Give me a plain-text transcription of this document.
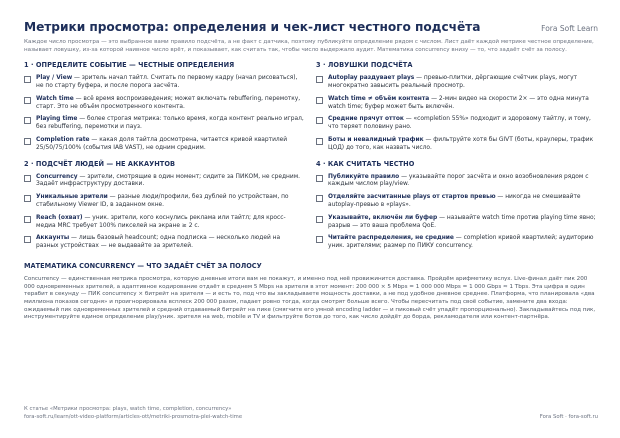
Метрики просмотра: определения и чек-лист честного подсчёта	Fora Soft Learn

Каждое число просмотра — это выбранное вами правило подсчёта, а не факт с датчика, поэтому публикуйте определение рядом с числом. Лист даёт каждой метрике честное определение, называет ловушку, из-за которой наивное число врёт, и показывает, как считать так, чтобы число выдержало аудит. Математика concurrency внизу — то, что задаёт счёт за полосу.

1 · ОПРЕДЕЛИТЕ СОБЫТИЕ — ЧЕСТНЫЕ ОПРЕДЕЛЕНИЯ

Play / View — зритель начал тайтл. Считать по первому кадру (начал рисоваться), не по старту буфера, и после порога засчёта.

Watch time — всё время воспроизведения; может включать rebuffering, перемотку, старт. Это не объём просмотренного контента.

Playing time — более строгая метрика: только время, когда контент реально играл, без rebuffering, перемотки и пауз.

Completion rate — какая доля тайтла досмотрена, читается кривой квартилей 25/50/75/100% (события IAB VAST), не одним средним.

2 · ПОДСЧЁТ ЛЮДЕЙ — НЕ АККАУНТОВ

Concurrency — зрители, смотрящие в один момент; сидите за ПИКОМ, не средним. Задаёт инфраструктуру доставки.

Уникальные зрители — разные люди/профили, без дублей по устройствам, по стабильному Viewer ID, в заданном окне.

Reach (охват) — уник. зрители, кого коснулись реклама или тайтл; для кросс-медиа MRC требует 100% пикселей на экране ≥ 2 с.

Аккаунты — лишь базовый headcount; одна подписка — несколько людей на разных устройствах — не выдавайте за зрителей.

3 · ЛОВУШКИ ПОДСЧЁТА

Autoplay раздувает plays — превью-плитки, дёргающие счётчик plays, могут многократно завысить реальный просмотр.

Watch time ≠ объём контента — 2-мин видео на скорости 2× — это одна минута watch time; буфер может быть включён.

Средние прячут отток — «completion 55%» подходит и здоровому тайтлу, и тому, что теряет половину рано.

Боты и невалидный трафик — фильтруйте хотя бы GIVT (боты, краулеры, трафик ЦОД) до того, как назвать число.

4 · КАК СЧИТАТЬ ЧЕСТНО

Публикуйте правило — указывайте порог засчёта и окно возобновления рядом с каждым числом play/view.

Отделяйте засчитанные plays от стартов превью — никогда не смешивайте autoplay-превью в «plays».

Указывайте, включён ли буфер — называйте watch time против playing time явно; разрыв — это ваша проблема QoE.

Читайте распределения, не средние — completion кривой квартилей; аудиторию уник. зрителями; размер по ПИКУ concurrency.

МАТЕМАТИКА CONCURRENCY — ЧТО ЗАДАЁТ СЧЁТ ЗА ПОЛОСУ

Concurrency — единственная метрика просмотра, которую дневные итоги вам не покажут, и именно под неё провижинится доставка. Пройдём арифметику вслух. Live-финал даёт пик 200 000 одновременных зрителей, а адаптивное кодирование отдаёт в среднем 5 Mbps на зрителя в этот момент: 200 000 × 5 Mbps = 1 000 000 Mbps = 1 000 Gbps ≈ 1 Tbps. Эта цифра в один терабит в секунду — ПИК concurrency × битрейт на зрителя — и есть то, под что вы закладываете мощность доставки, а не под удобное дневное среднее. Платформа, что планировала «два миллиона показов сегодня» и проигнорировала всплеск 200 000 разом, падает ровно тогда, когда смотрят больше всего. Чтобы пересчитать под своё событие, замените два входа: ожидаемый пик одновременных зрителей и средний отдаваемый битрейт на пике (смягчите его умной encoding ladder — и пиковый счёт упадёт пропорционально). Закладывайтесь под пик, инструментируйте единое определение play/уник. зрителя на web, mobile и TV и фильтруйте ботов до того, как число дойдёт до борда, рекламодателя или контент-партнёра.

К статье «Метрики просмотра: plays, watch time, completion, concurrency»
fora-soft.ru/learn/ott-video-platform/articles-ott/metriki-prosmotra-plei-watch-time	Fora Soft · fora-soft.ru
